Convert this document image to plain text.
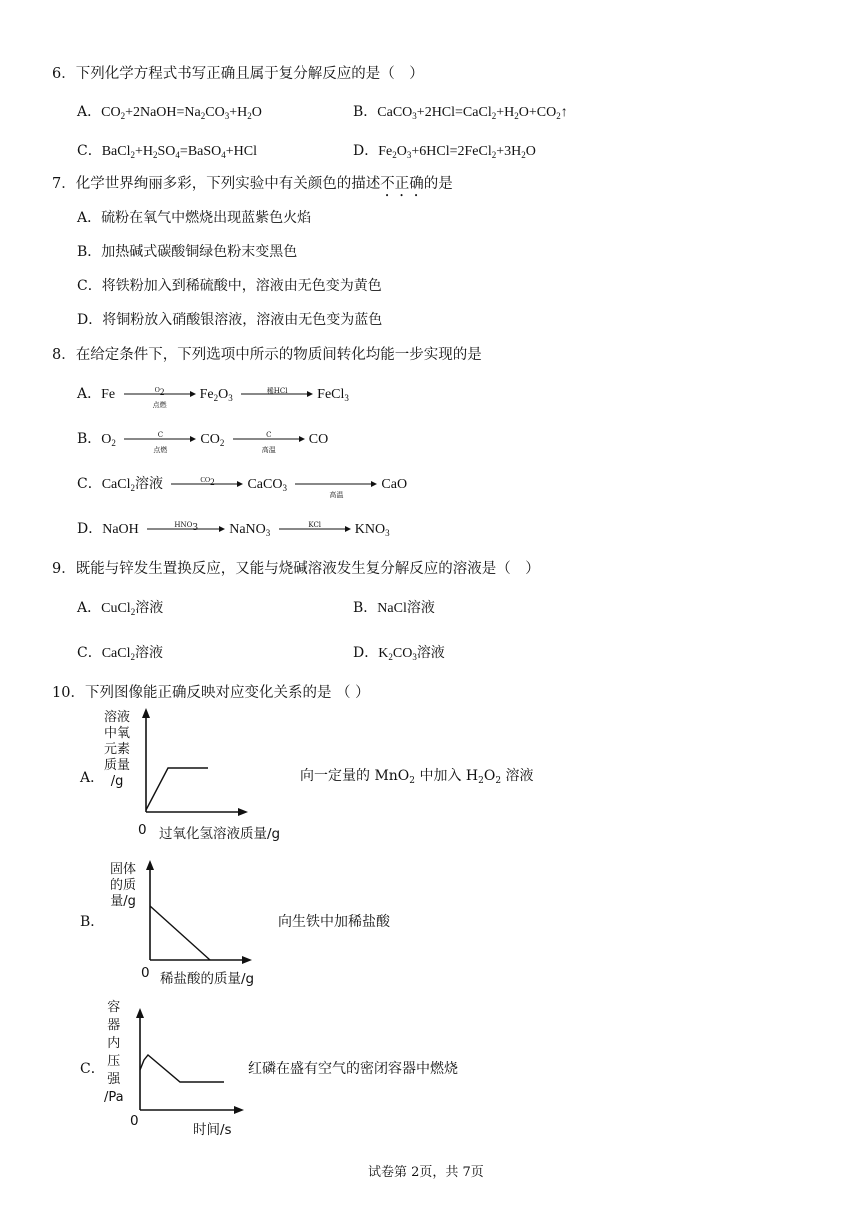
6．下列化学方程式书写正确且属于复分解反应的是（　）
A．$CO_2+2NaOH=Na_2CO_3+H_2O$	B．$CaCO_3+2HCl=CaCl_2+H_2O+CO_2↑$
C．$BaCl_2+H_2SO_4=BaSO_4+HCl$	D．$Fe_2O_3+6HCl=2FeCl_2+3H_2O$
7．化学世界绚丽多彩，下列实验中有关颜色的描述不正确的是
A．硫粉在氧气中燃烧出现蓝紫色火焰
B．加热碱式碳酸铜绿色粉末变黑色
C．将铁粉加入到稀硫酸中，溶液由无色变为黄色
D．将铜粉放入硝酸银溶液，溶液由无色变为蓝色
8．在给定条件下，下列选项中所示的物质间转化均能一步实现的是
A．Fe	$O_2$
点燃
$Fe_2O_3$
稀HCl	FeCl$_3$
B．$O_2$
C
点燃
$CO_2$
C
高温
CO
C．CaCl$_2$溶液	$CO_2$	CaCO$_3$
高温
CaO
D．NaOH	$HNO_3$	NaNO$_3$
KCl	$KNO_3$
9．既能与锌发生置换反应，又能与烧碱溶液发生复分解反应的溶液是（　）
A．CuCl$_2$溶液	B．NaCl溶液
C．CaCl$_2$溶液	D．$K_2CO_3$溶液
10．下列图像能正确反映对应变化关系的是 （ ）
A．
溶液
中氧
元素
质量
/g
0 过氧化氢溶液质量/g
向一定量的 MnO$_2$ 中加入 $H_2O_2$ 溶液
B．
固体
的质
量/g
0 稀盐酸的质量/g
向生铁中加稀盐酸
C．
容
器
内
压
强
/Pa
0
时间/s
红磷在盛有空气的密闭容器中燃烧
试卷第 2页，共 7页
